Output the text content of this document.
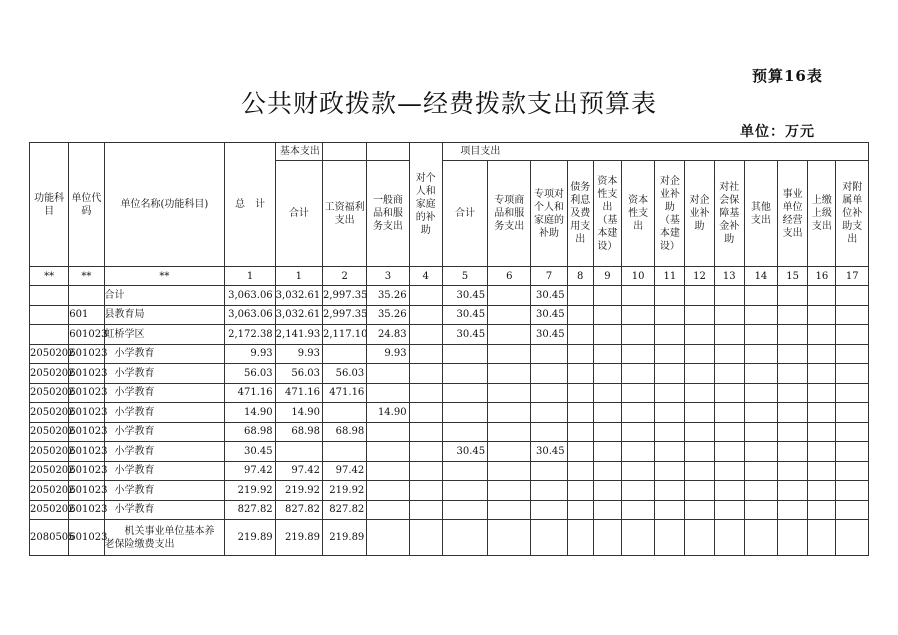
预算16表
公共财政拨款—经费拨款支出预算表
单位：万元
功能科目	单位代码	单位名称(功能科目)	总　计	基本支出			对个人和家庭的补助	项目支出												
				合计	工资福利支出	一般商品和服务支出		合计	专项商品和服务支出	专项对个人和家庭的补助	债务利息及费用支出	资本性支出（基本建设）	资本性支出	对企业补助（基本建设）	对企业补助	对社会保障基金补助	其他支出	事业单位经营支出	上缴上级支出	对附属单位补助支出
**	**	**	1	1	2	3	4	5	6	7	8	9	10	11	12	13	14	15	16	17
		合计	3,063.06	3,032.61	2,997.35	35.26		30.45		30.45										
	601	县教育局	3,063.06	3,032.61	2,997.35	35.26		30.45		30.45										
	601023	虹桥学区	2,172.38	2,141.93	2,117.10	24.83		30.45		30.45										
2050202	601023	小学教育	9.93	9.93		9.93														
2050202	601023	小学教育	56.03	56.03	56.03															
2050202	601023	小学教育	471.16	471.16	471.16															
2050202	601023	小学教育	14.90	14.90		14.90														
2050202	601023	小学教育	68.98	68.98	68.98															
2050202	601023	小学教育	30.45					30.45		30.45										
2050202	601023	小学教育	97.42	97.42	97.42															
2050202	601023	小学教育	219.92	219.92	219.92															
2050202	601023	小学教育	827.82	827.82	827.82															
2080505	601023	机关事业单位基本养老保险缴费支出	219.89	219.89	219.89															
